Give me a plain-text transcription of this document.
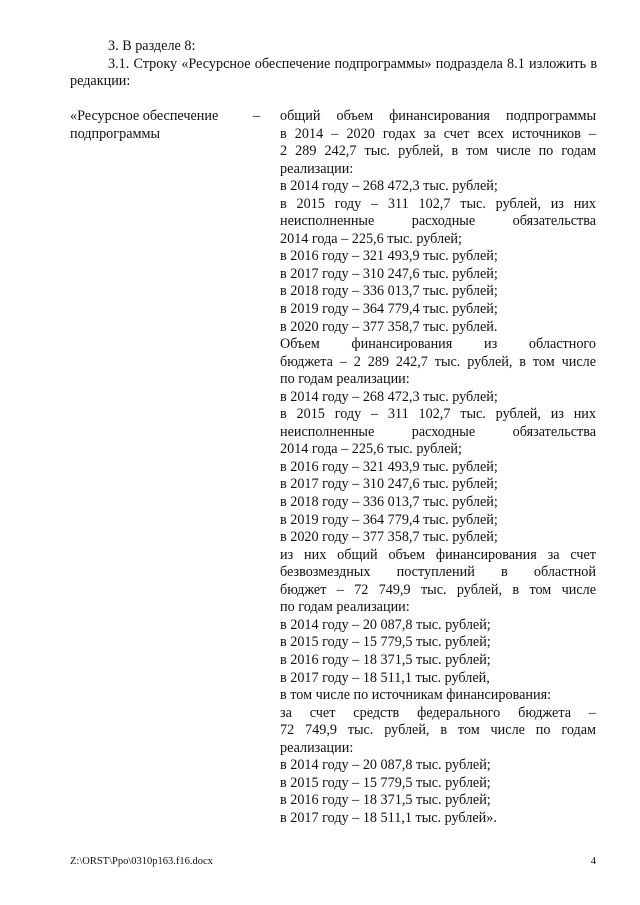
3. В разделе 8:

3.1. Строку «Ресурсное обеспечение подпрограммы» подраздела 8.1 изложить в редакции:

«Ресурсное обеспечение –
подпрограммы
общий объем финансирования подпрограммы
в 2014 – 2020 годах за счет всех источников –
2 289 242,7 тыс. рублей, в том числе по годам
реализации:
в 2014 году – 268 472,3 тыс. рублей;
в 2015 году – 311 102,7 тыс. рублей, из них
неисполненные расходные обязательства
2014 года – 225,6 тыс. рублей;
в 2016 году – 321 493,9 тыс. рублей;
в 2017 году – 310 247,6 тыс. рублей;
в 2018 году – 336 013,7 тыс. рублей;
в 2019 году – 364 779,4 тыс. рублей;
в 2020 году – 377 358,7 тыс. рублей.
Объем финансирования из областного
бюджета – 2 289 242,7 тыс. рублей, в том числе
по годам реализации:
в 2014 году – 268 472,3 тыс. рублей;
в 2015 году – 311 102,7 тыс. рублей, из них
неисполненные расходные обязательства
2014 года – 225,6 тыс. рублей;
в 2016 году – 321 493,9 тыс. рублей;
в 2017 году – 310 247,6 тыс. рублей;
в 2018 году – 336 013,7 тыс. рублей;
в 2019 году – 364 779,4 тыс. рублей;
в 2020 году – 377 358,7 тыс. рублей;
из них общий объем финансирования за счет
безвозмездных поступлений в областной
бюджет – 72 749,9 тыс. рублей, в том числе
по годам реализации:
в 2014 году – 20 087,8 тыс. рублей;
в 2015 году – 15 779,5 тыс. рублей;
в 2016 году – 18 371,5 тыс. рублей;
в 2017 году – 18 511,1 тыс. рублей,
в том числе по источникам финансирования:
за счет средств федерального бюджета –
72 749,9 тыс. рублей, в том числе по годам
реализации:
в 2014 году – 20 087,8 тыс. рублей;
в 2015 году – 15 779,5 тыс. рублей;
в 2016 году – 18 371,5 тыс. рублей;
в 2017 году – 18 511,1 тыс. рублей».
Z:\ORST\Ppo\0310p163.f16.docx	4
